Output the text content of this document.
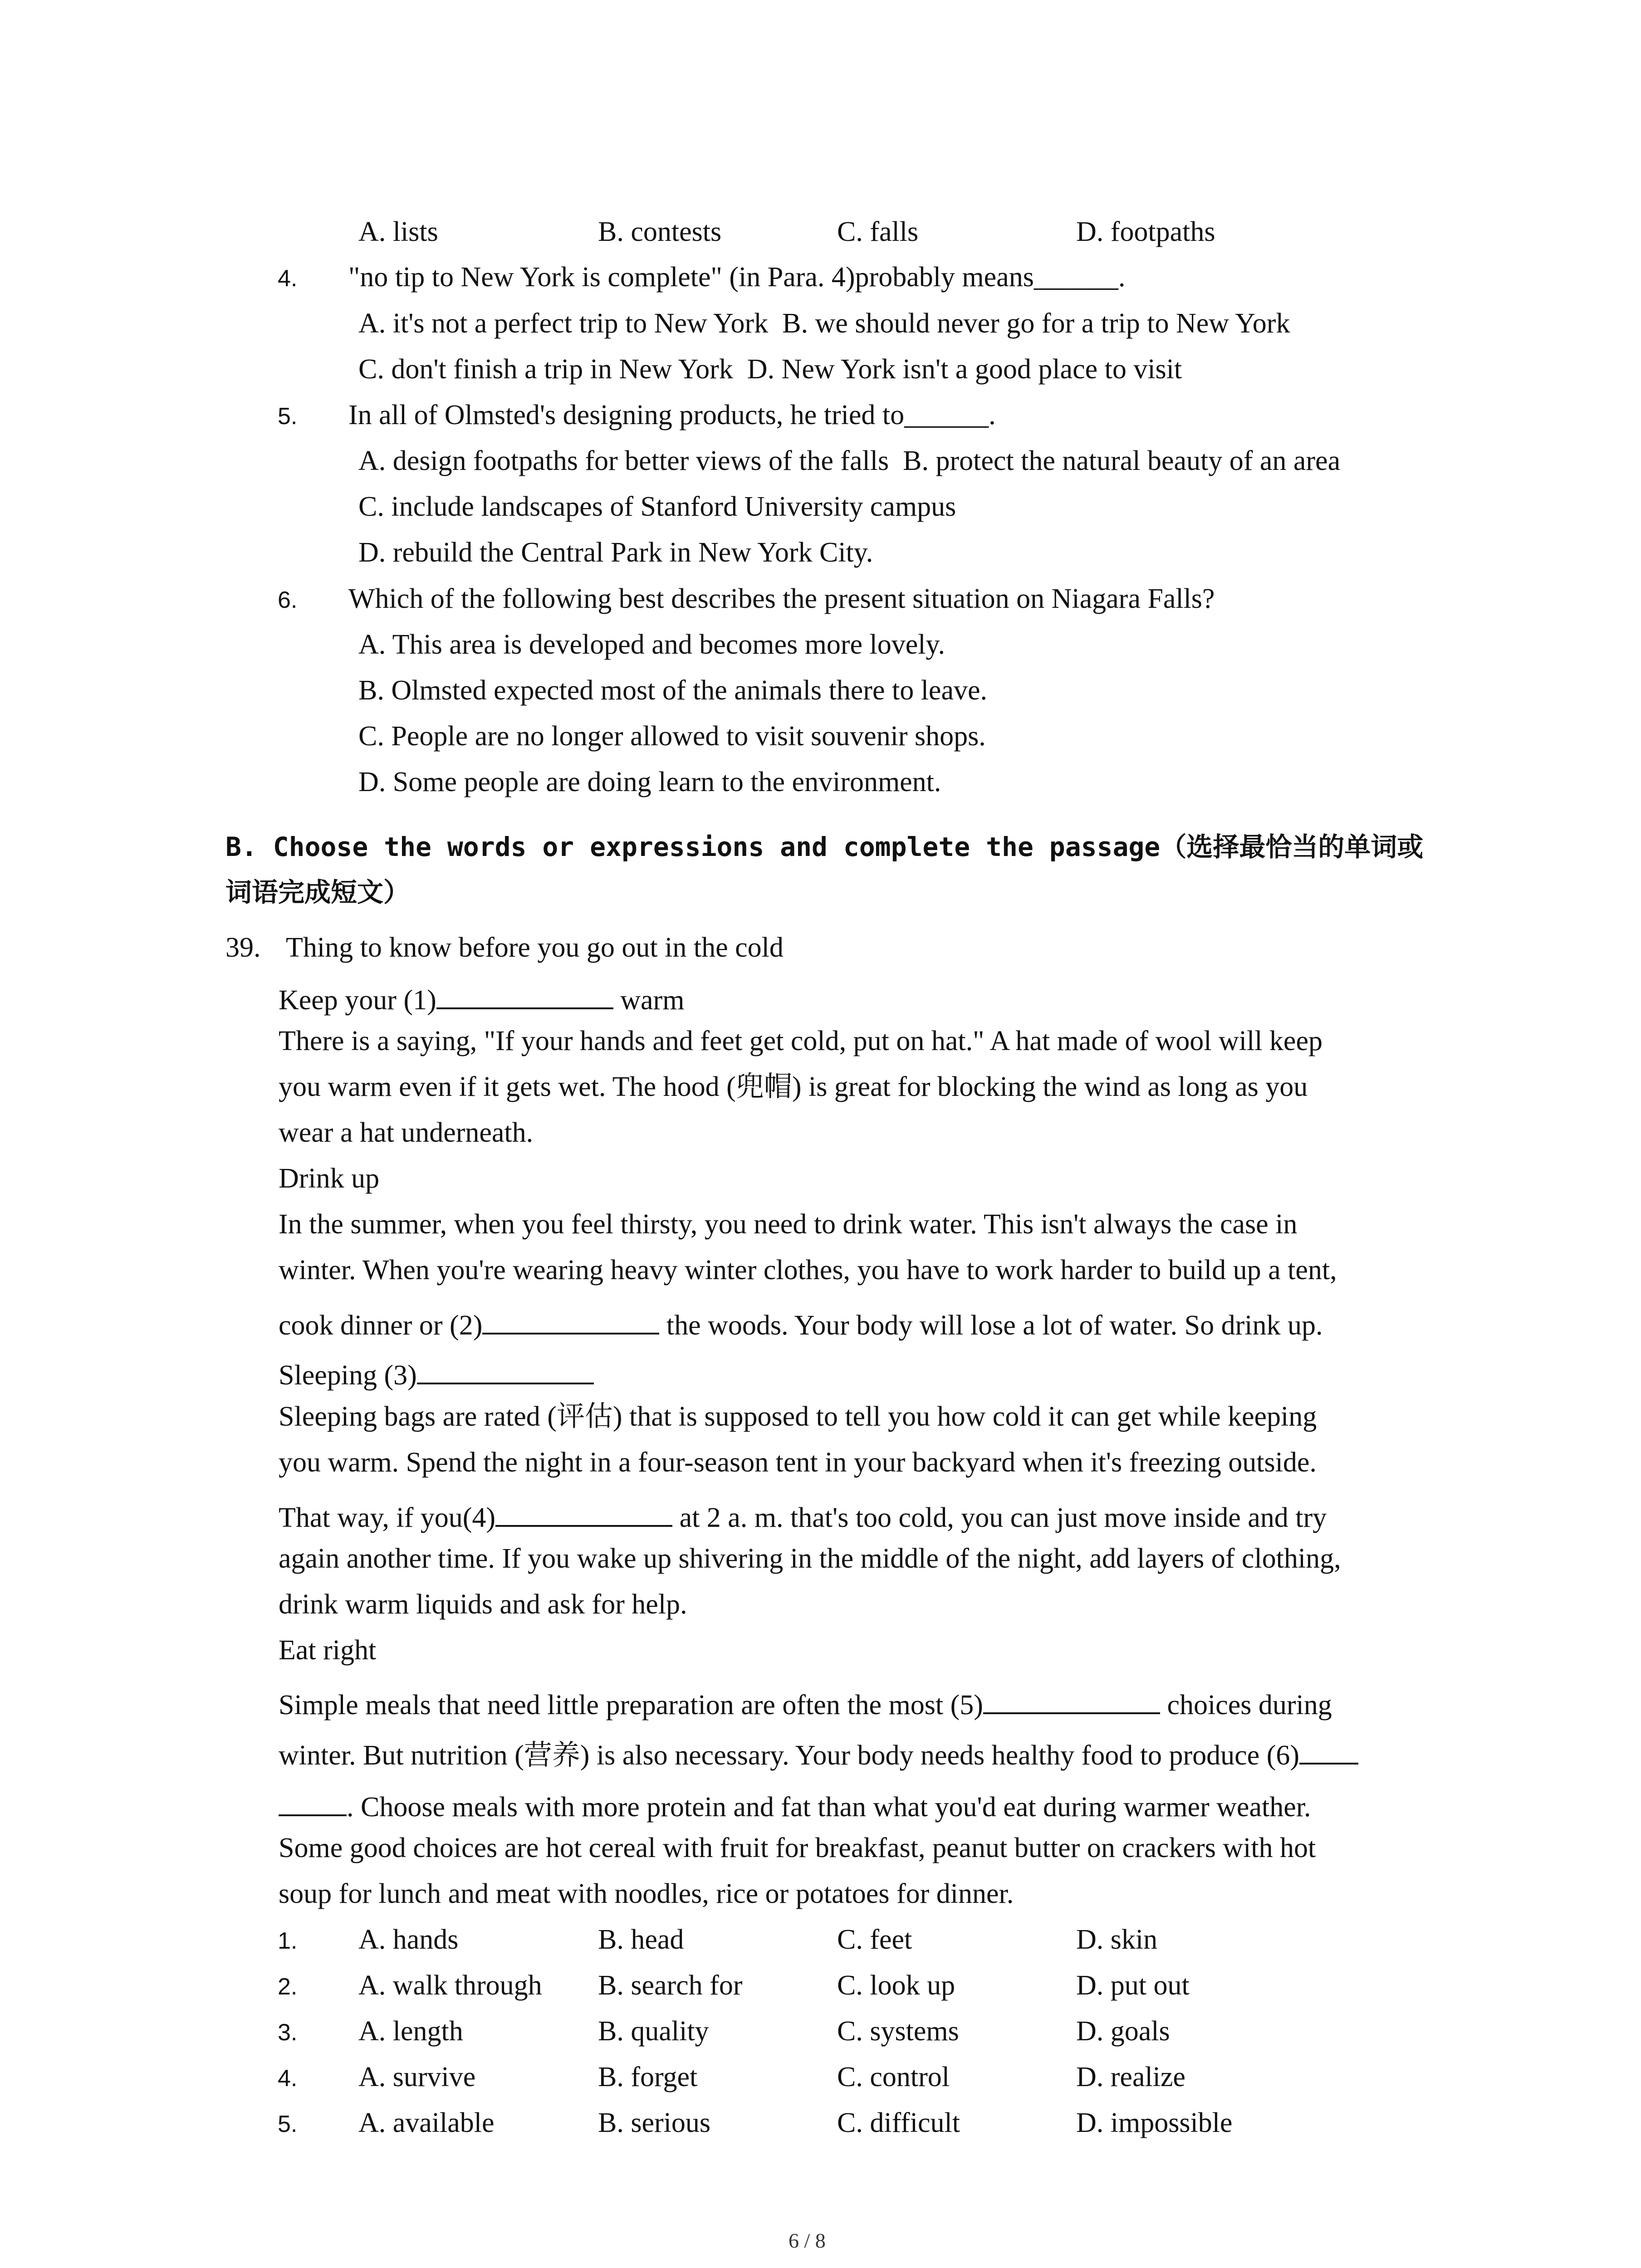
A. lists	B. contests	C. falls	D. footpaths
4. "no tip to New York is complete" (in Para. 4)probably means______.
A. it's not a perfect trip to New York  B. we should never go for a trip to New York
C. don't finish a trip in New York  D. New York isn't a good place to visit
5. In all of Olmsted's designing products, he tried to______.
A. design footpaths for better views of the falls  B. protect the natural beauty of an area
C. include landscapes of Stanford University campus
D. rebuild the Central Park in New York City.
6. Which of the following best describes the present situation on Niagara Falls?
A. This area is developed and becomes more lovely.
B. Olmsted expected most of the animals there to leave.
C. People are no longer allowed to visit souvenir shops.
D. Some people are doing learn to the environment.
B. Choose the words or expressions and complete the passage（选择最恰当的单词或
词语完成短文）
39. Thing to know before you go out in the cold
Keep your (1)	warm
There is a saying, "If your hands and feet get cold, put on hat." A hat made of wool will keep
you warm even if it gets wet. The hood (兜帽) is great for blocking the wind as long as you
wear a hat underneath.
Drink up
In the summer, when you feel thirsty, you need to drink water. This isn't always the case in
winter. When you're wearing heavy winter clothes, you have to work harder to build up a tent,
cook dinner or (2)	the woods. Your body will lose a lot of water. So drink up.
Sleeping (3)
Sleeping bags are rated (评估) that is supposed to tell you how cold it can get while keeping
you warm. Spend the night in a four-season tent in your backyard when it's freezing outside.
That way, if you(4)	at 2 a. m. that's too cold, you can just move inside and try
again another time. If you wake up shivering in the middle of the night, add layers of clothing,
drink warm liquids and ask for help.
Eat right
Simple meals that need little preparation are often the most (5)	choices during
winter. But nutrition (营养) is also necessary. Your body needs healthy food to produce (6)
. Choose meals with more protein and fat than what you'd eat during warmer weather.
Some good choices are hot cereal with fruit for breakfast, peanut butter on crackers with hot
soup for lunch and meat with noodles, rice or potatoes for dinner.
1. A. hands	B. head	C. feet	D. skin
2. A. walk through B. search for	C. look up	D. put out
3. A. length	B. quality	C. systems	D. goals
4. A. survive	B. forget	C. control	D. realize
5. A. available	B. serious	C. difficult	D. impossible
6 / 8
